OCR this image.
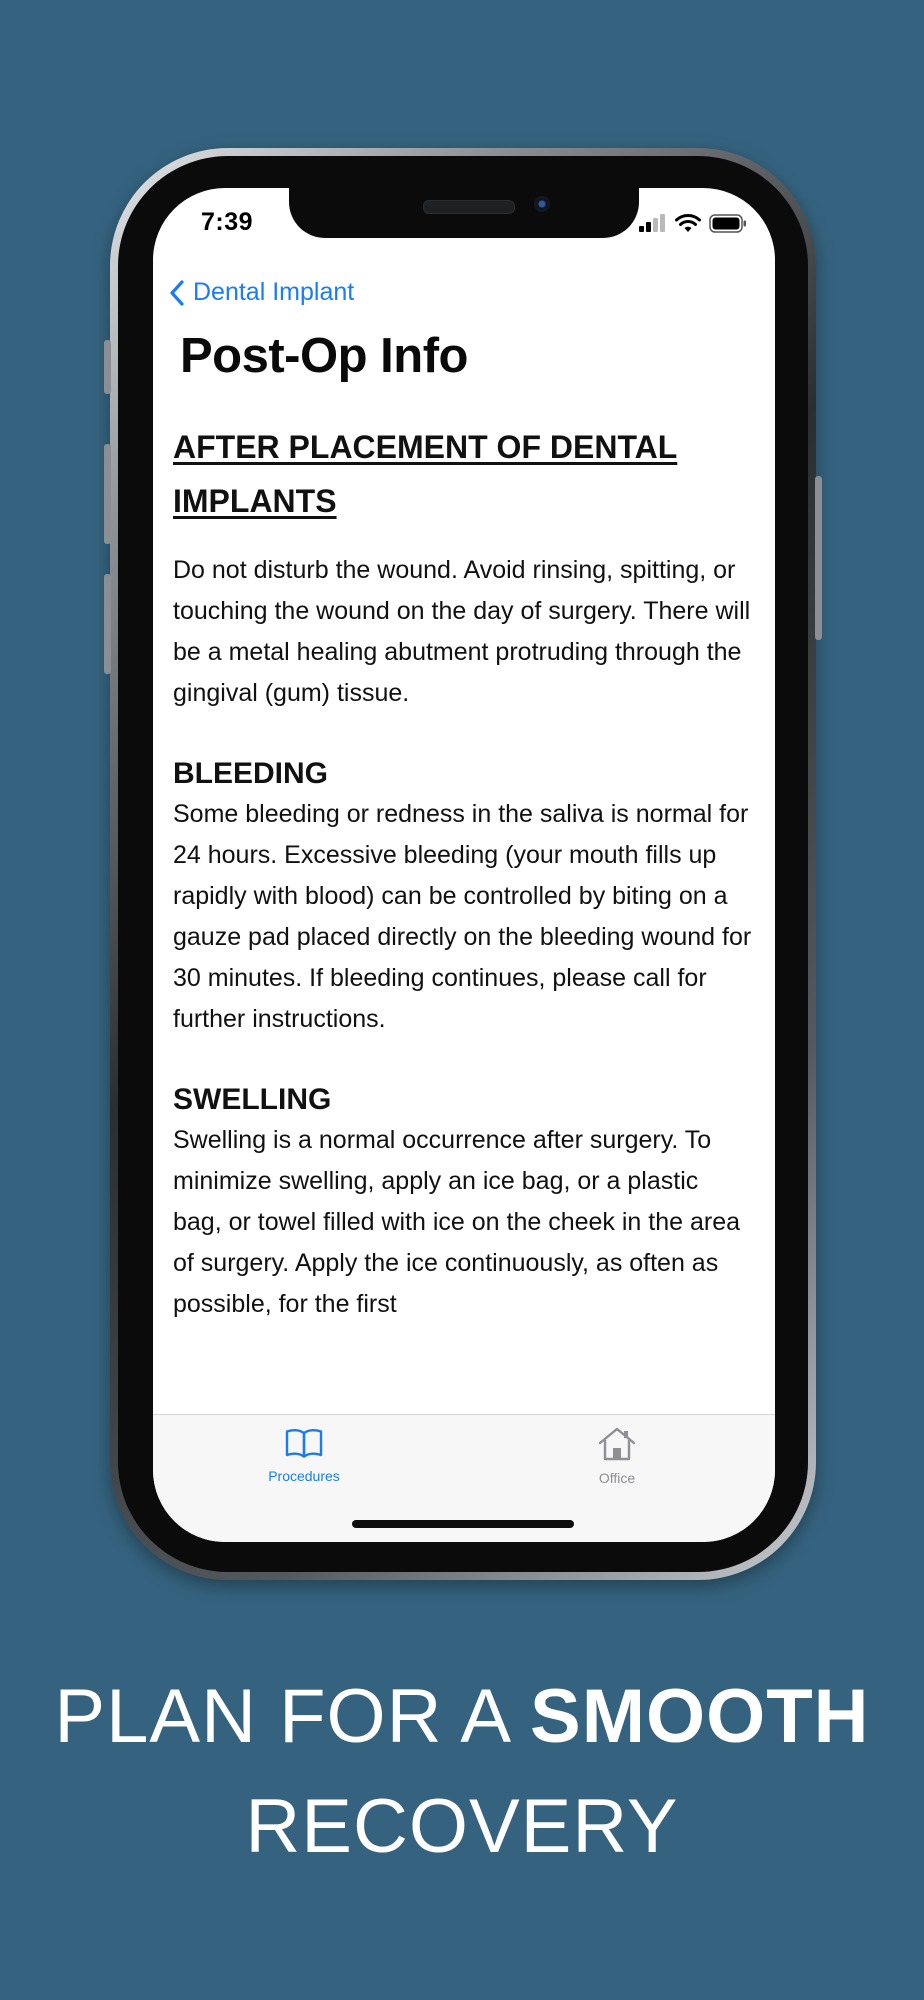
7:39
Dental Implant
Post-Op Info
AFTER PLACEMENT OF DENTAL IMPLANTS

Do not disturb the wound. Avoid rinsing, spitting, or touching the wound on the day of surgery. There will be a metal healing abutment protruding through the gingival (gum) tissue.

BLEEDING

Some bleeding or redness in the saliva is normal for 24 hours. Excessive bleeding (your mouth fills up rapidly with blood) can be controlled by biting on a gauze pad placed directly on the bleeding wound for 30 minutes. If bleeding continues, please call for further instructions.

SWELLING

Swelling is a normal occurrence after surgery. To minimize swelling, apply an ice bag, or a plastic bag, or towel filled with ice on the cheek in the area of surgery. Apply the ice continuously, as often as possible, for the first

Procedures	Office
PLAN FOR A SMOOTH
RECOVERY
